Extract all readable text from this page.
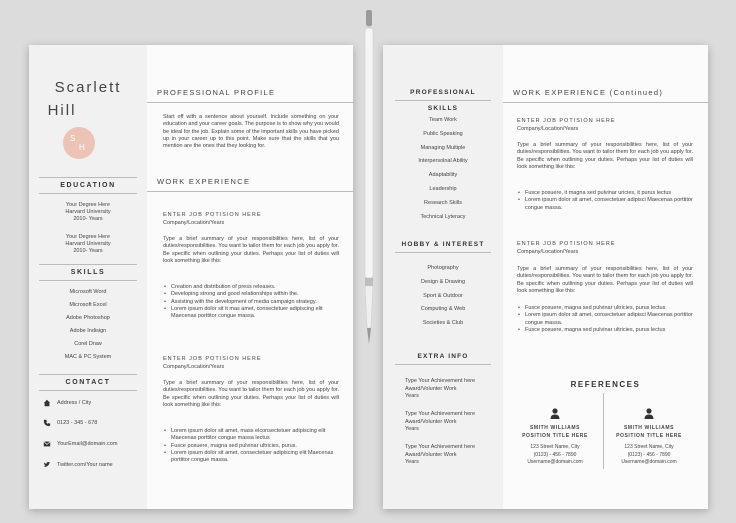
Scarlett
Hill
S
H
EDUCATION
Your Degree Here
Harvard University
2010- Years
Your Degree Here
Harvard University
2010- Years
SKILLS
Microsoft Word
Microsoft Excel
Adobe Photoshop
Adobe Indisign
Corel Draw
MAC & PC System
CONTACT
Address / City
0123 - 345 - 678
YourEmail@domain.com
Twitter.com/Your name
PROFESSIONAL PROFILE
Start off with a sentence about yourself. Include something on your education and your career goals. The purpose is to show why you would be ideal for the job. Explain some of the important skills you have picked up in your career up to this point. Make sure that the skills that you mention are the ones that they looking for.
WORK EXPERIENCE
ENTER JOB POTISION HERE
Company/Location/Years
Type a brief summary of your responsibilities here, list of your duties/responsibilities. You want to tailor them for each job you apply for. Be specific when outlining your duties. Perhaps your list of duties will look something like this:
• Creation and distribution of press releases.
• Developing strong and good relationships within the.
• Assisting with the development of media campaign strategy.
• Lorem ipsum dolor sit it mas amet, consectetuer adipiscing elit Maecenas porttitor congue massa.
ENTER JOB POTISION HERE
Company/Location/Years
Type a brief summary of your responsibilities here, list of your duties/responsibilities. You want to tailor them for each job you apply for. Be specific when outlining your duties. Perhaps your list of duties will look something like this:
• Lorem ipsum dolor sit amet, mass elconsectetuer adipiscing elit Maecenas porttitor congue massa lectus
• Fusce posuere, magna sed pulvinar ultricies, purus.
• Lorem ipsum dolor sit amet, consectetuer adipiscing elit Maecenas porttitor congue massa.
PROFESSIONAL SKILLS
Team Work
Public Speaking
Managing Multiple
Interpersolnal Ability
Adaptability
Leadership
Research Skills
Technical Lyteracy
HOBBY & INTEREST
Photography
Design & Drawing
Sport & Outdoor
Computing & Web
Societies & Club
EXTRA INFO
Type Your Achievement here
Award/Volunter Work
Years
Type Your Achievement here
Award/Volunter Work
Years
Type Your Achievement here
Award/Volunter Work
Years
WORK EXPERIENCE (Continued)
ENTER JOB POTISION HERE
Company/Location/Years
Type a brief summary of your responsibilities here, list of your duties/responsibilities. You want to tailor them for each job you apply for. Be specific when outlining your duties. Perhaps your list of duties will look something like this:
• Fusce posuere, it magna sed pulvinar uricies, it purus lectus
• Lorem ipsum dolor sit amet, consectetuer adipisci Maecenas porttitor congue massa.
ENTER JOB POTISION HERE
Company/Location/Years
Type a brief summary of your responsibilities here, list of your duties/responsibilities. You want to tailor them for each job you apply for. Be specific when outlining your duties. Perhaps your list of duties will look something like this:
• Fusce posuere, magna sed pulvinar ultricies, purus lectus
• Lorem ipsum dolor sit amet, consectetuer adipisci Maecenas porttitor congue massa.
• Fusce posuere, magna sed pulvinar ultricies, purus lectus
REFERENCES
SMITH WILLIAMS
POSITION TITLE HERE
123 Street Name, City
(0123) - 456 - 7890
Username@domain.com
SMITH WILLIAMS
POSITION TITLE HERE
123 Street Name, City
(0123) - 456 - 7890
Username@domain.com
